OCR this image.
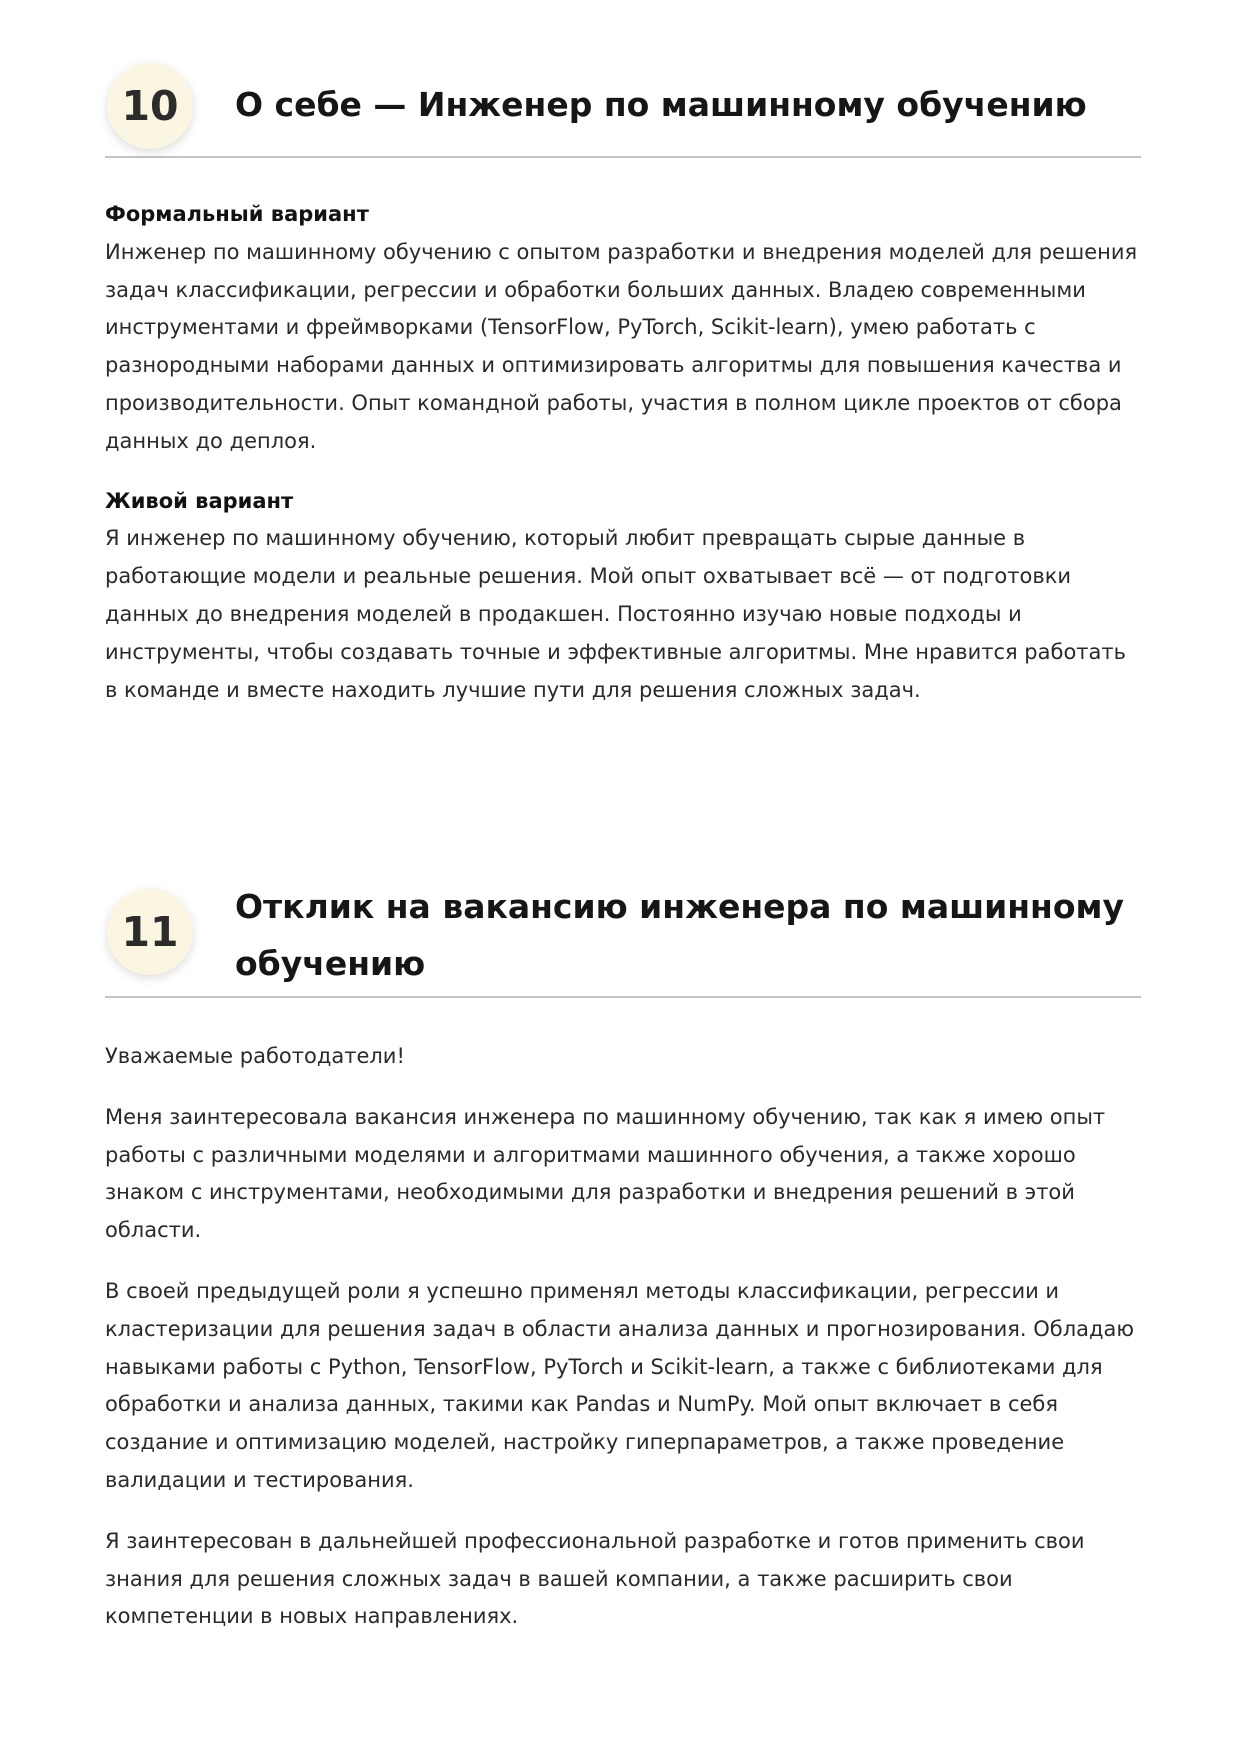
10	О себе — Инженер по машинному обучению

Формальный вариант

Инженер по машинному обучению с опытом разработки и внедрения моделей для решения задач классификации, регрессии и обработки больших данных. Владею современными инструментами и фреймворками (TensorFlow, PyTorch, Scikit-learn), умею работать с разнородными наборами данных и оптимизировать алгоритмы для повышения качества и производительности. Опыт командной работы, участия в полном цикле проектов от сбора данных до деплоя.

Живой вариант

Я инженер по машинному обучению, который любит превращать сырые данные в работающие модели и реальные решения. Мой опыт охватывает всё — от подготовки данных до внедрения моделей в продакшен. Постоянно изучаю новые подходы и инструменты, чтобы создавать точные и эффективные алгоритмы. Мне нравится работать в команде и вместе находить лучшие пути для решения сложных задач.

11
Отклик на вакансию инженера по машинному обучению

Уважаемые работодатели!

Меня заинтересовала вакансия инженера по машинному обучению, так как я имею опыт работы с различными моделями и алгоритмами машинного обучения, а также хорошо знаком с инструментами, необходимыми для разработки и внедрения решений в этой области.

В своей предыдущей роли я успешно применял методы классификации, регрессии и кластеризации для решения задач в области анализа данных и прогнозирования. Обладаю навыками работы с Python, TensorFlow, PyTorch и Scikit-learn, а также с библиотеками для обработки и анализа данных, такими как Pandas и NumPy. Мой опыт включает в себя создание и оптимизацию моделей, настройку гиперпараметров, а также проведение валидации и тестирования.

Я заинтересован в дальнейшей профессиональной разработке и готов применить свои знания для решения сложных задач в вашей компании, а также расширить свои компетенции в новых направлениях.
